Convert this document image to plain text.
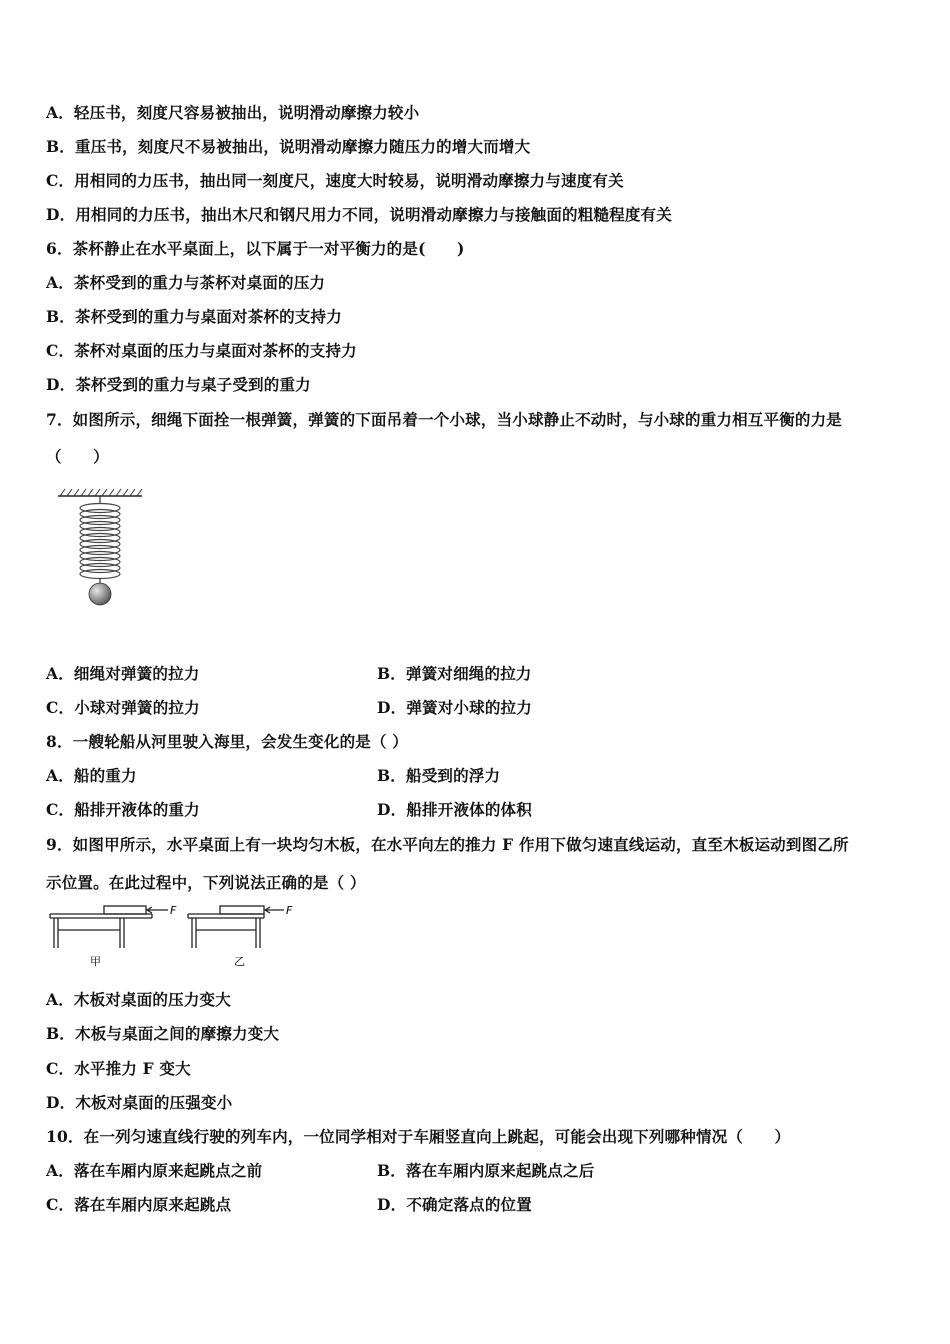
A．轻压书，刻度尺容易被抽出，说明滑动摩擦力较小
B．重压书，刻度尺不易被抽出，说明滑动摩擦力随压力的增大而增大
C．用相同的力压书，抽出同一刻度尺，速度大时较易，说明滑动摩擦力与速度有关
D．用相同的力压书，抽出木尺和钢尺用力不同，说明滑动摩擦力与接触面的粗糙程度有关
6．茶杯静止在水平桌面上，以下属于一对平衡力的是(　　)
A．茶杯受到的重力与茶杯对桌面的压力
B．茶杯受到的重力与桌面对茶杯的支持力
C．茶杯对桌面的压力与桌面对茶杯的支持力
D．茶杯受到的重力与桌子受到的重力
7．如图所示，细绳下面拴一根弹簧，弹簧的下面吊着一个小球，当小球静止不动时，与小球的重力相互平衡的力是
（　　）
A．细绳对弹簧的拉力	B．弹簧对细绳的拉力
C．小球对弹簧的拉力	D．弹簧对小球的拉力
8．一艘轮船从河里驶入海里，会发生变化的是（ ）
A．船的重力	B．船受到的浮力
C．船排开液体的重力	D．船排开液体的体积
9．如图甲所示，水平桌面上有一块均匀木板，在水平向左的推力 F 作用下做匀速直线运动，直至木板运动到图乙所
示位置。在此过程中，下列说法正确的是（ ）
F
甲
F
乙
A．木板对桌面的压力变大
B．木板与桌面之间的摩擦力变大
C．水平推力 F 变大
D．木板对桌面的压强变小
10．在一列匀速直线行驶的列车内，一位同学相对于车厢竖直向上跳起，可能会出现下列哪种情况（　　）
A．落在车厢内原来起跳点之前	B．落在车厢内原来起跳点之后
C．落在车厢内原来起跳点	D．不确定落点的位置
